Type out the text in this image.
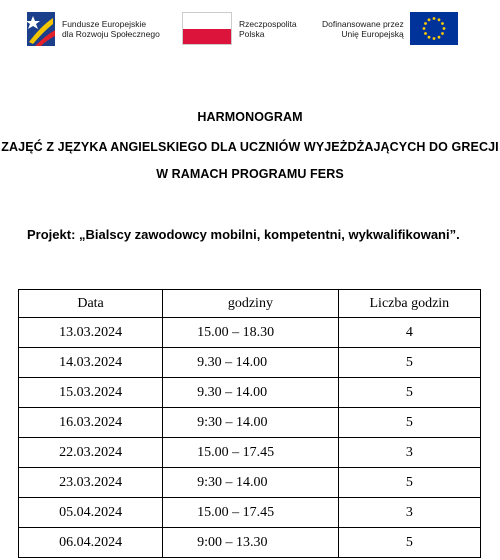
Fundusze Europejskie
dla Rozwoju Społecznego
Rzeczpospolita
Polska
Dofinansowane przez
Unię Europejską
HARMONOGRAM
ZAJĘĆ Z JĘZYKA ANGIELSKIEGO DLA UCZNIÓW WYJEŻDŻAJĄCYCH DO GRECJI
W RAMACH PROGRAMU FERS
Projekt: „Bialscy zawodowcy mobilni, kompetentni, wykwalifikowani”.
Data	godziny	Liczba godzin
13.03.2024	15.00 – 18.30	4
14.03.2024	9.30 – 14.00	5
15.03.2024	9.30 – 14.00	5
16.03.2024	9:30 – 14.00	5
22.03.2024	15.00 – 17.45	3
23.03.2024	9:30 – 14.00	5
05.04.2024	15.00 – 17.45	3
06.04.2024	9:00 – 13.30	5
